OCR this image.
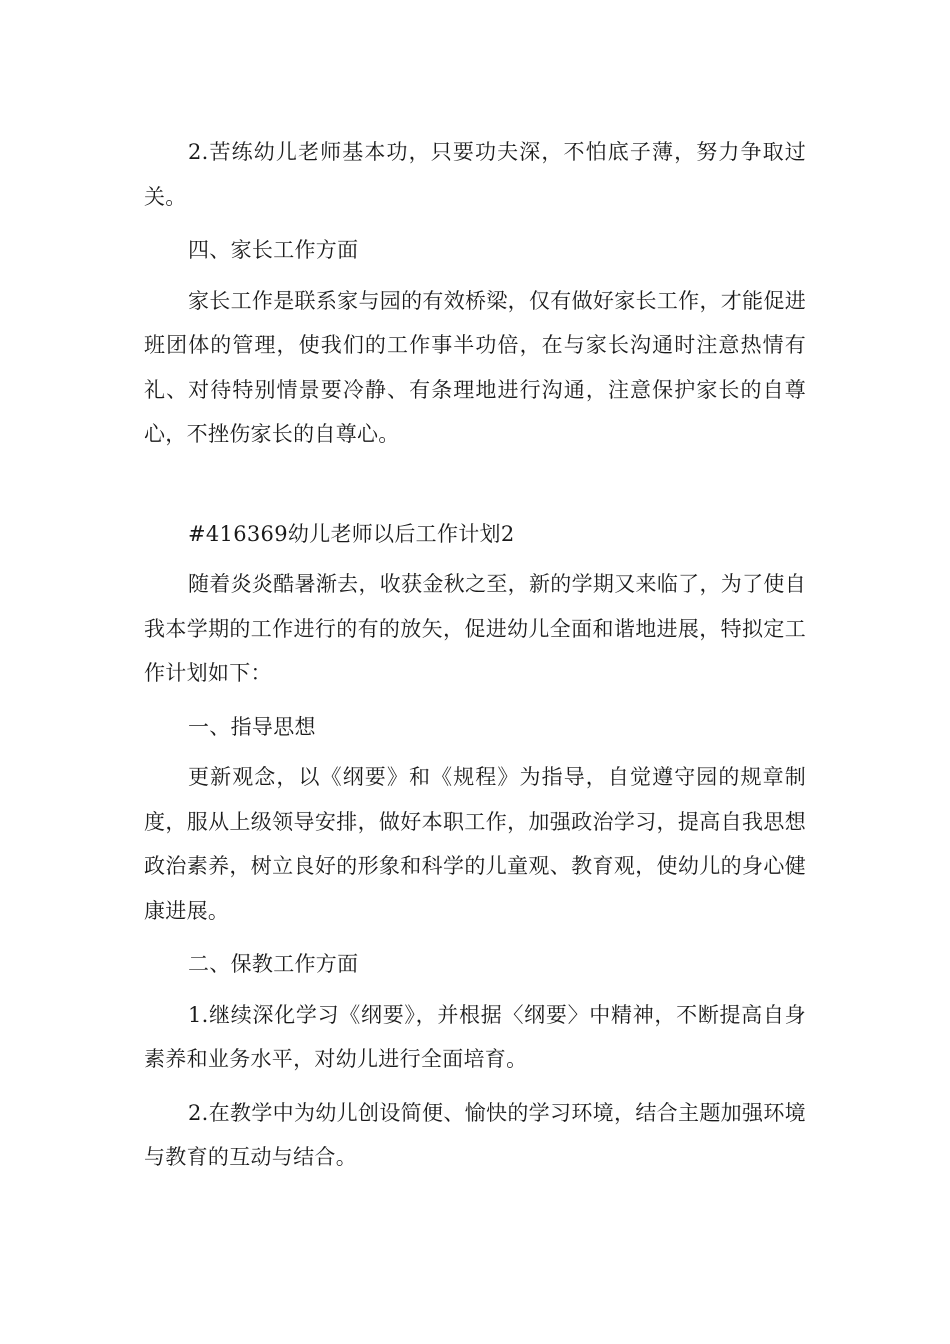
2.苦练幼儿老师基本功，只要功夫深，不怕底子薄，努力争取过关。

四、家长工作方面

家长工作是联系家与园的有效桥梁，仅有做好家长工作，才能促进班团体的管理，使我们的工作事半功倍，在与家长沟通时注意热情有礼、对待特别情景要冷静、有条理地进行沟通，注意保护家长的自尊心，不挫伤家长的自尊心。

#416369幼儿老师以后工作计划2

随着炎炎酷暑渐去，收获金秋之至，新的学期又来临了，为了使自我本学期的工作进行的有的放矢，促进幼儿全面和谐地进展，特拟定工作计划如下：

一、指导思想

更新观念，以《纲要》和《规程》为指导，自觉遵守园的规章制度，服从上级领导安排，做好本职工作，加强政治学习，提高自我思想政治素养，树立良好的形象和科学的儿童观、教育观，使幼儿的身心健康进展。

二、保教工作方面

1.继续深化学习《纲要》，并根据〈纲要〉中精神，不断提高自身素养和业务水平，对幼儿进行全面培育。

2.在教学中为幼儿创设简便、愉快的学习环境，结合主题加强环境与教育的互动与结合。
